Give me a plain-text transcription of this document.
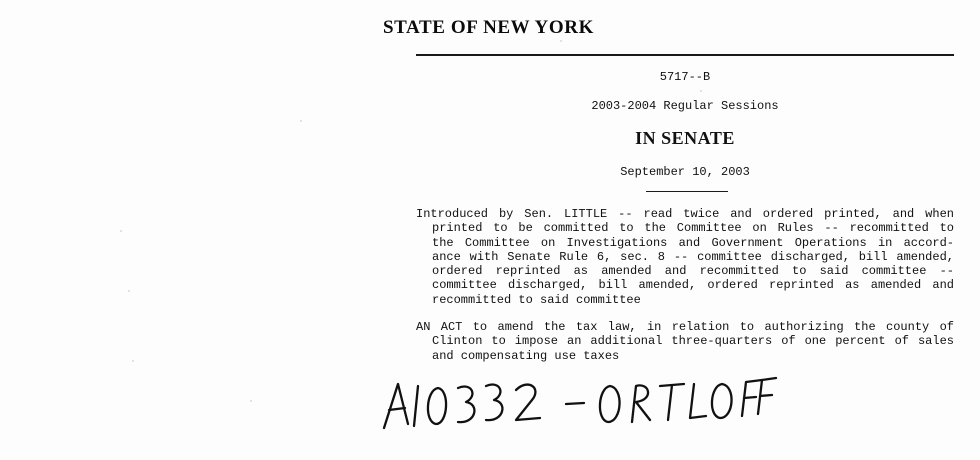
STATE OF NEW YORK
5717--B
2003-2004 Regular Sessions
IN SENATE
September 10, 2003
Introduced by Sen. LITTLE -- read twice and ordered printed, and when
printed to be committed to the Committee on Rules -- recommitted to
the Committee on Investigations and Government Operations in accord-
ance with Senate Rule 6, sec. 8 -- committee discharged, bill amended,
ordered reprinted as amended and recommitted to said committee --
committee discharged, bill amended, ordered reprinted as amended and
recommitted to said committee
AN ACT to amend the tax law, in relation to authorizing the county of
Clinton to impose an additional three-quarters of one percent of sales
and compensating use taxes
